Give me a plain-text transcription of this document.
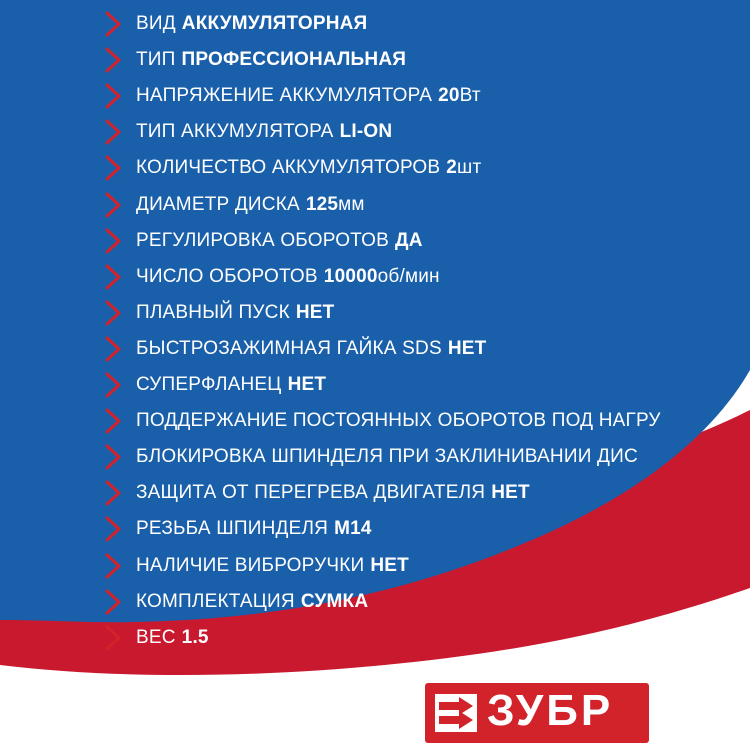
ВИД АККУМУЛЯТОРНАЯ
ТИП ПРОФЕССИОНАЛЬНАЯ
НАПРЯЖЕНИЕ АККУМУЛЯТОРА 20 Вт
ТИП АККУМУЛЯТОРА LI-ON
КОЛИЧЕСТВО АККУМУЛЯТОРОВ 2 шт
ДИАМЕТР ДИСКА 125 мм
РЕГУЛИРОВКА ОБОРОТОВ ДА
ЧИСЛО ОБОРОТОВ 10000 об/мин
ПЛАВНЫЙ ПУСК НЕТ
БЫСТРОЗАЖИМНАЯ ГАЙКА SDS НЕТ
СУПЕРФЛАНЕЦ НЕТ
ПОДДЕРЖАНИЕ ПОСТОЯННЫХ ОБОРОТОВ ПОД НАГРУ
БЛОКИРОВКА ШПИНДЕЛЯ ПРИ ЗАКЛИНИВАНИИ ДИС
ЗАЩИТА ОТ ПЕРЕГРЕВА ДВИГАТЕЛЯ НЕТ
РЕЗЬБА ШПИНДЕЛЯ М14
НАЛИЧИЕ ВИБРОРУЧКИ НЕТ
КОМПЛЕКТАЦИЯ СУМКА
ВЕС 1.5
ЗУБР
